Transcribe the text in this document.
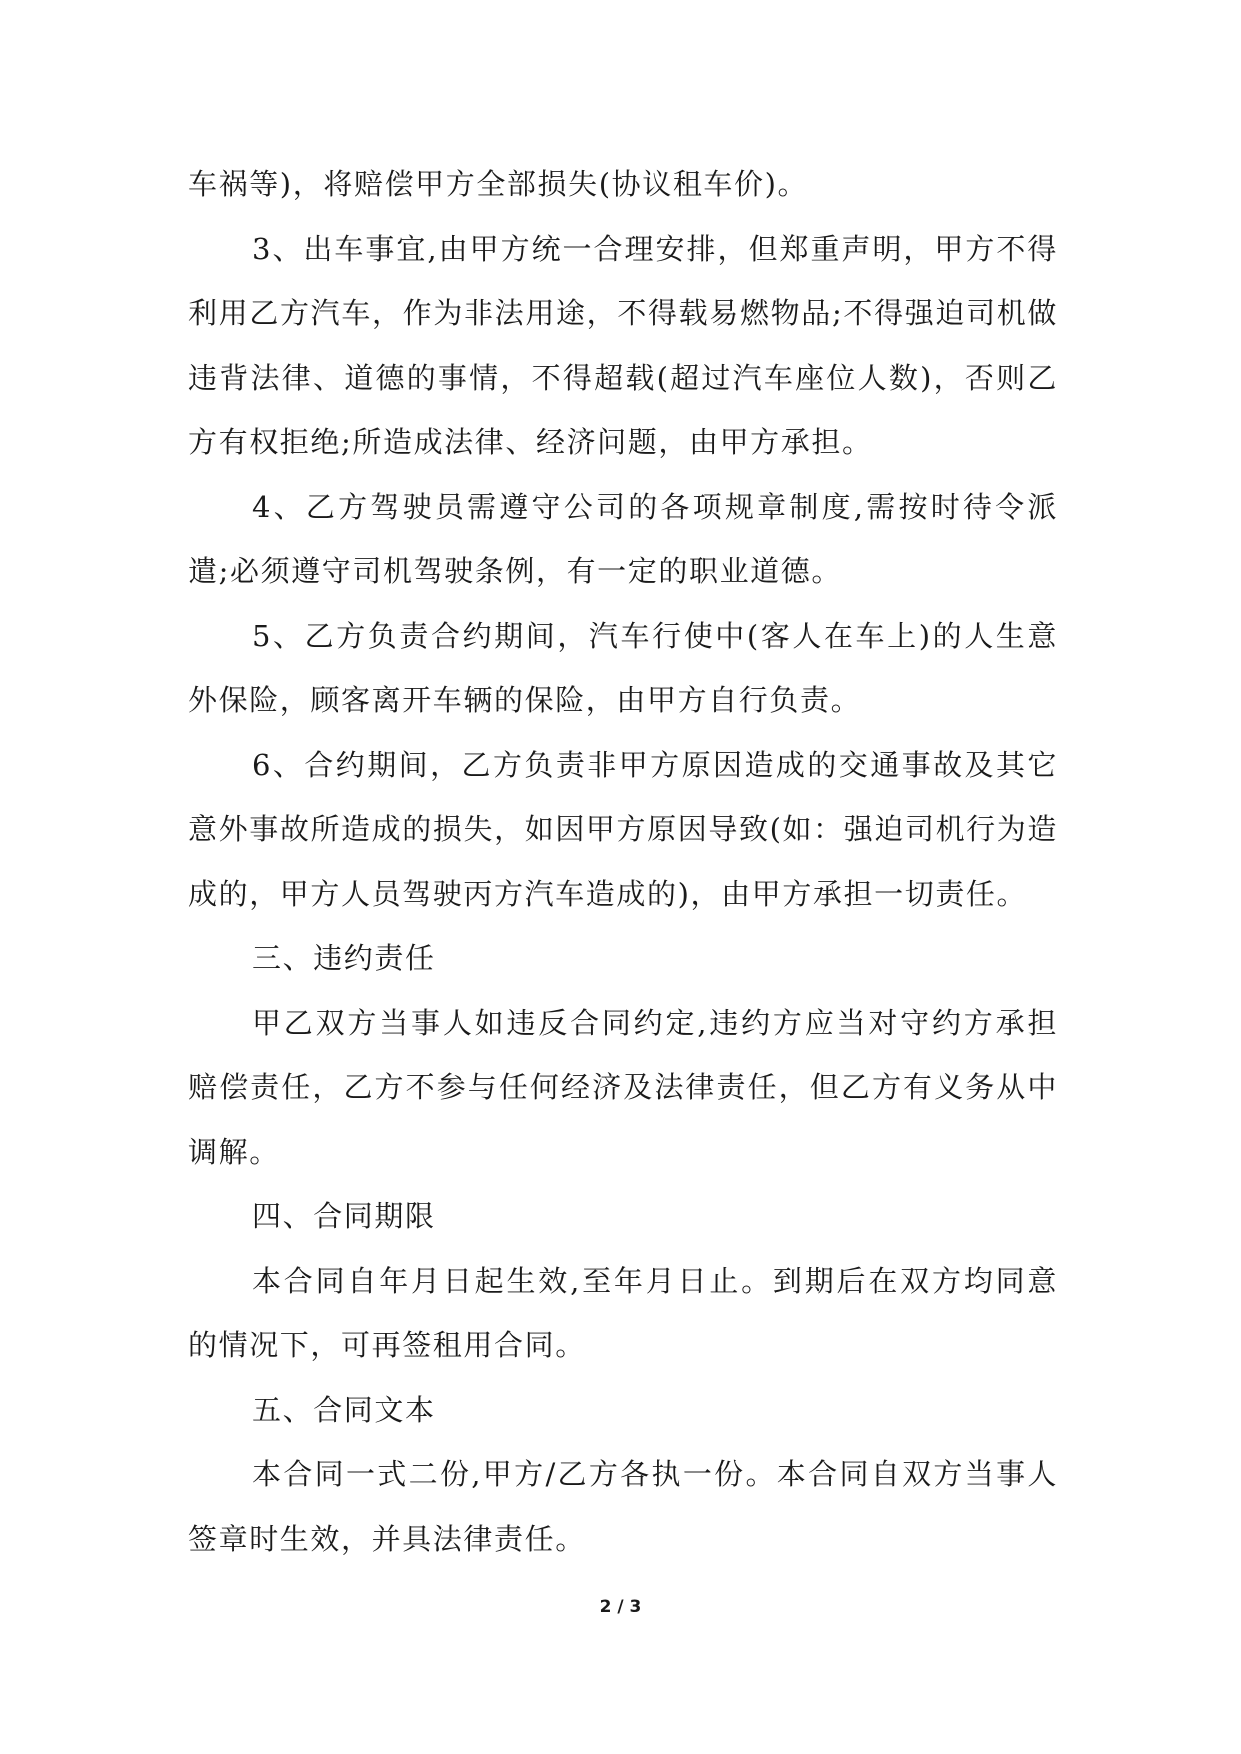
车祸等)，将赔偿甲方全部损失(协议租车价)。

3、出车事宜,由甲方统一合理安排，但郑重声明，甲方不得利用乙方汽车，作为非法用途，不得载易燃物品;不得强迫司机做违背法律、道德的事情，不得超载(超过汽车座位人数)，否则乙方有权拒绝;所造成法律、经济问题，由甲方承担。

4、乙方驾驶员需遵守公司的各项规章制度,需按时待令派遣;必须遵守司机驾驶条例，有一定的职业道德。

5、乙方负责合约期间，汽车行使中(客人在车上)的人生意外保险，顾客离开车辆的保险，由甲方自行负责。

6、合约期间，乙方负责非甲方原因造成的交通事故及其它意外事故所造成的损失，如因甲方原因导致(如：强迫司机行为造成的，甲方人员驾驶丙方汽车造成的)，由甲方承担一切责任。

三、违约责任

甲乙双方当事人如违反合同约定,违约方应当对守约方承担赔偿责任，乙方不参与任何经济及法律责任，但乙方有义务从中调解。

四、合同期限

本合同自年月日起生效,至年月日止。到期后在双方均同意的情况下，可再签租用合同。

五、合同文本

本合同一式二份,甲方/乙方各执一份。本合同自双方当事人签章时生效，并具法律责任。

2 / 3
